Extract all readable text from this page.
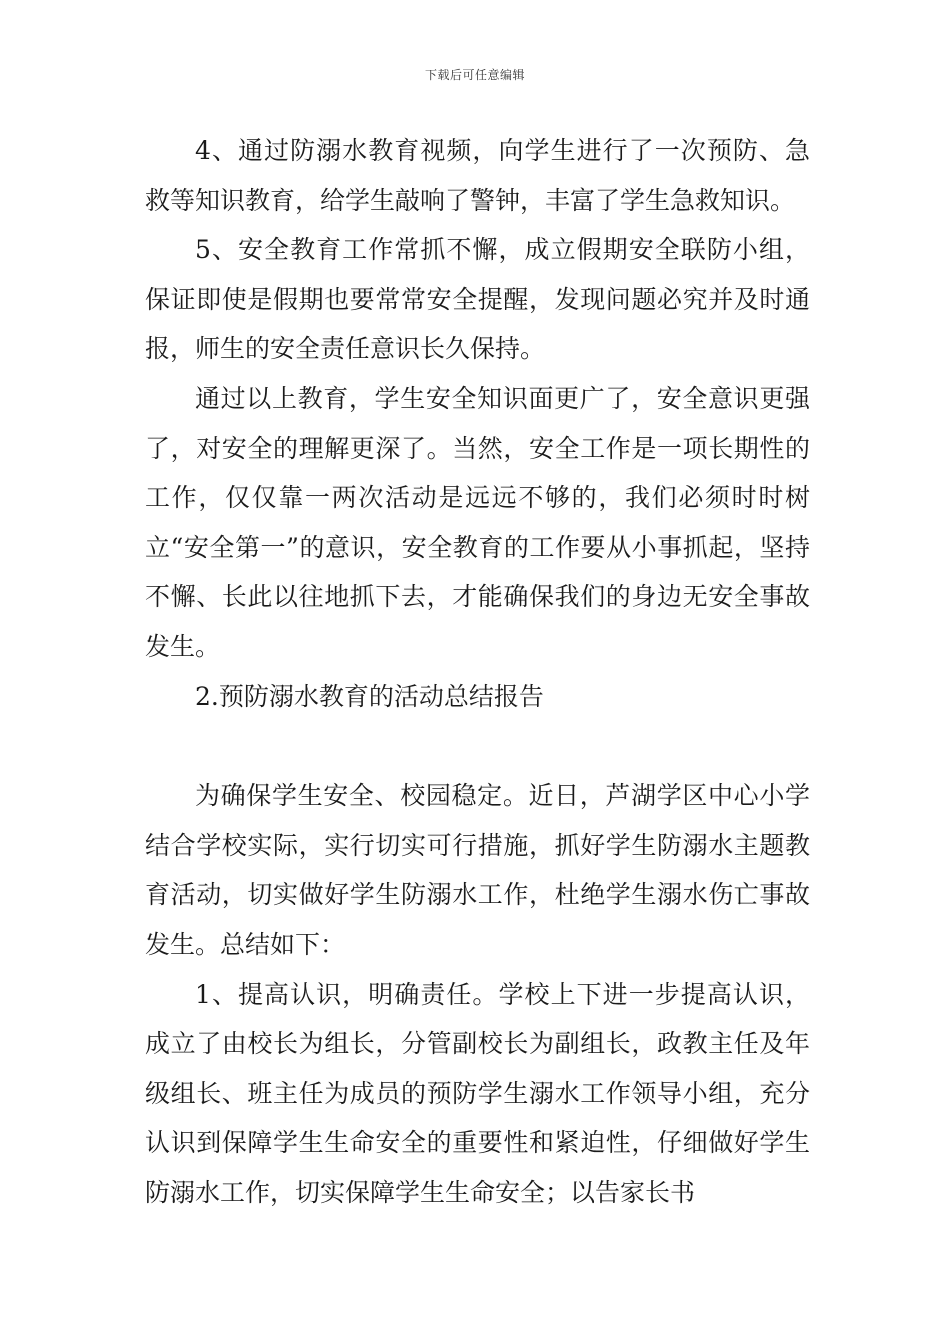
下载后可任意编辑

4、通过防溺水教育视频，向学生进行了一次预防、急救等知识教育，给学生敲响了警钟，丰富了学生急救知识。

5、安全教育工作常抓不懈，成立假期安全联防小组，保证即使是假期也要常常安全提醒，发现问题必究并及时通报，师生的安全责任意识长久保持。

通过以上教育，学生安全知识面更广了，安全意识更强了，对安全的理解更深了。当然，安全工作是一项长期性的工作，仅仅靠一两次活动是远远不够的，我们必须时时树立“安全第一”的意识，安全教育的工作要从小事抓起，坚持不懈、长此以往地抓下去，才能确保我们的身边无安全事故发生。

2.预防溺水教育的活动总结报告

为确保学生安全、校园稳定。近日，芦湖学区中心小学结合学校实际，实行切实可行措施，抓好学生防溺水主题教育活动，切实做好学生防溺水工作，杜绝学生溺水伤亡事故发生。总结如下：

1、提高认识，明确责任。学校上下进一步提高认识，成立了由校长为组长，分管副校长为副组长，政教主任及年级组长、班主任为成员的预防学生溺水工作领导小组，充分认识到保障学生生命安全的重要性和紧迫性，仔细做好学生防溺水工作，切实保障学生生命安全；以告家长书
